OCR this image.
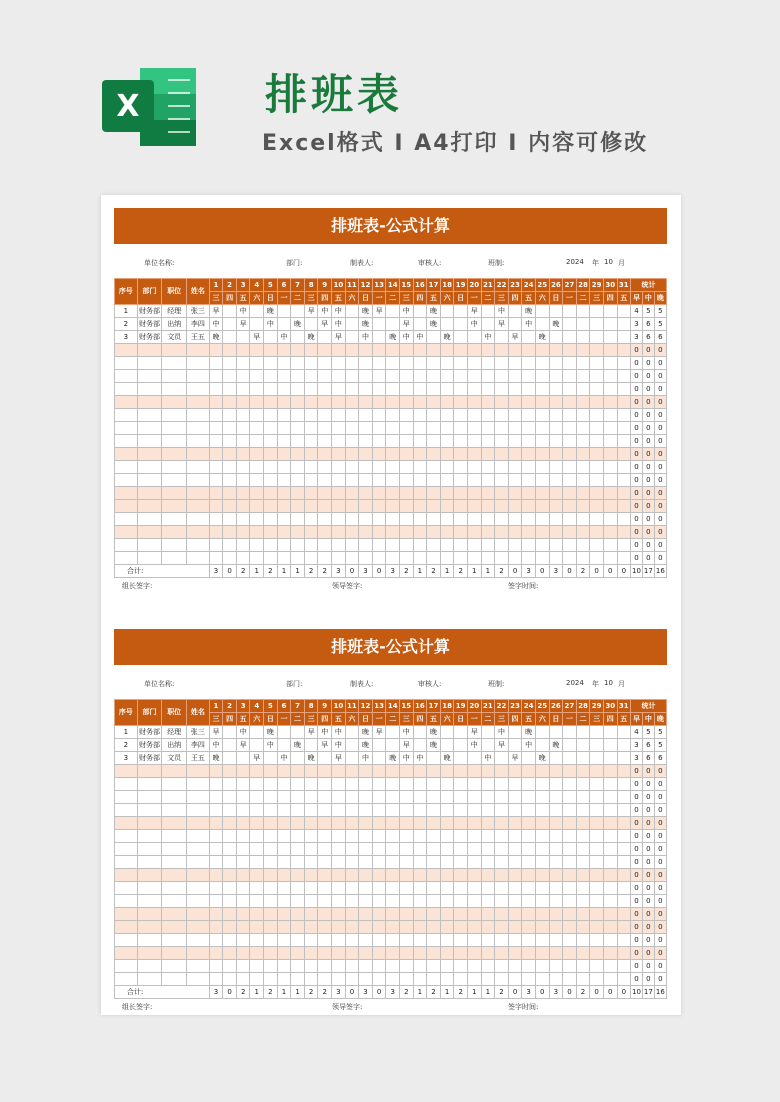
X	排班表
Excel格式 I A4打印 I 内容可修改
排班表-公式计算
单位名称:	部门:	制表人:	审核人:	班制:	2024 年 10 月
序号	部门	职位	姓名	1	2	3	4	5	6	7	8	9	10	11	12	13	14	15	16	17	18	19	20	21	22	23	24	25	26	27	28	29	30	31	统计		
				三	四	五	六	日	一	二	三	四	五	六	日	一	二	三	四	五	六	日	一	二	三	四	五	六	日	一	二	三	四	五	早	中	晚
1	财务部	经理	张三	早		中		晚			早	中	中		晚	早		中		晚			早		中		晚								4	5	5
2	财务部	出纳	李四	中		早		中		晚		早	中		晚			早		晚			中		早		中		晚						3	6	5
3	财务部	文员	王五	晚			早		中		晚		早		中		晚	中	中		晚			中		早		晚							3	6	6
																																			0	0	0
																																			0	0	0
																																			0	0	0
																																			0	0	0
																																			0	0	0
																																			0	0	0
																																			0	0	0
																																			0	0	0
																																			0	0	0
																																			0	0	0
																																			0	0	0
																																			0	0	0
																																			0	0	0
																																			0	0	0
																																			0	0	0
																																			0	0	0
																																			0	0	0
合计:				3	0	2	1	2	1	1	2	2	3	0	3	0	3	2	1	2	1	2	1	1	2	0	3	0	3	0	2	0	0	0	10	17	16
组长签字:	领导签字:	签字时间:
排班表-公式计算
单位名称:	部门:	制表人:	审核人:	班制:	2024 年 10 月
序号	部门	职位	姓名	1	2	3	4	5	6	7	8	9	10	11	12	13	14	15	16	17	18	19	20	21	22	23	24	25	26	27	28	29	30	31	统计		
				三	四	五	六	日	一	二	三	四	五	六	日	一	二	三	四	五	六	日	一	二	三	四	五	六	日	一	二	三	四	五	早	中	晚
1	财务部	经理	张三	早		中		晚			早	中	中		晚	早		中		晚			早		中		晚								4	5	5
2	财务部	出纳	李四	中		早		中		晚		早	中		晚			早		晚			中		早		中		晚						3	6	5
3	财务部	文员	王五	晚			早		中		晚		早		中		晚	中	中		晚			中		早		晚							3	6	6
																																			0	0	0
																																			0	0	0
																																			0	0	0
																																			0	0	0
																																			0	0	0
																																			0	0	0
																																			0	0	0
																																			0	0	0
																																			0	0	0
																																			0	0	0
																																			0	0	0
																																			0	0	0
																																			0	0	0
																																			0	0	0
																																			0	0	0
																																			0	0	0
																																			0	0	0
合计:				3	0	2	1	2	1	1	2	2	3	0	3	0	3	2	1	2	1	2	1	1	2	0	3	0	3	0	2	0	0	0	10	17	16
组长签字:	领导签字:	签字时间:
